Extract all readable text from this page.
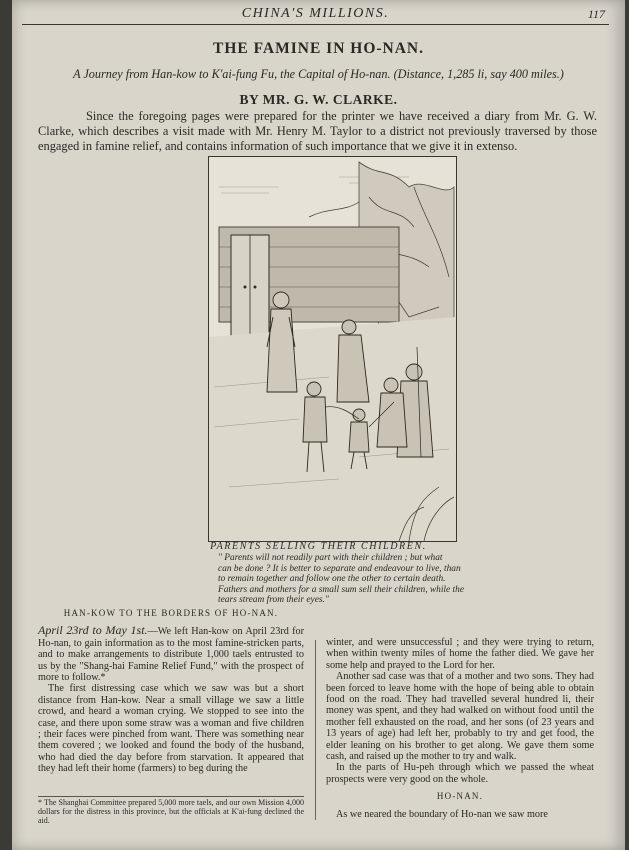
CHINA'S MILLIONS.	117
THE FAMINE IN HO-NAN.
A Journey from Han-kow to K'ai-fung Fu, the Capital of Ho-nan. (Distance, 1,285 li, say 400 miles.)
BY MR. G. W. CLARKE.
Since the foregoing pages were prepared for the printer we have received a diary from Mr. G. W. Clarke, which describes a visit made with Mr. Henry M. Taylor to a district not previously traversed by those engaged in famine relief, and contains information of such importance that we give it in extenso.
PARENTS SELLING THEIR CHILDREN.
" Parents will not readily part with their children ; but what
can be done ? It is better to separate and endeavour to live, than
to remain together and follow one the other to certain death.
Fathers and mothers for a small sum sell their children, while the
tears stream from their eyes."
HAN-KOW TO THE BORDERS OF HO-NAN.

April 23rd to May 1st.—We left Han-kow on April 23rd for Ho-nan, to gain information as to the most famine-stricken parts, and to make arrangements to distribute 1,000 taels entrusted to us by the "Shang-hai Famine Relief Fund," with the prospect of more to follow.*

The first distressing case which we saw was but a short distance from Han-kow. Near a small village we saw a little crowd, and heard a woman crying. We stopped to see into the case, and there upon some straw was a woman and five children ; their faces were pinched from want. There was something near them covered ; we looked and found the body of the husband, who had died the day before from starvation. It appeared that they had left their home (farmers) to beg during the

winter, and were unsuccessful ; and they were trying to return, when within twenty miles of home the father died. We gave her some help and prayed to the Lord for her.

Another sad case was that of a mother and two sons. They had been forced to leave home with the hope of being able to obtain food on the road. They had travelled several hundred li, their money was spent, and they had walked on without food until the mother fell exhausted on the road, and her sons (of 23 years and 13 years of age) had left her, probably to try and get food, the elder leaning on his brother to get along. We gave them some cash, and raised up the mother to try and walk.

In the parts of Hu-peh through which we passed the wheat prospects were very good on the whole.

HO-NAN.

As we neared the boundary of Ho-nan we saw more

* The Shanghai Committee prepared 5,000 more taels, and our own Mission 4,000 dollars for the distress in this province, but the officials at K'ai-fung declined the aid.
